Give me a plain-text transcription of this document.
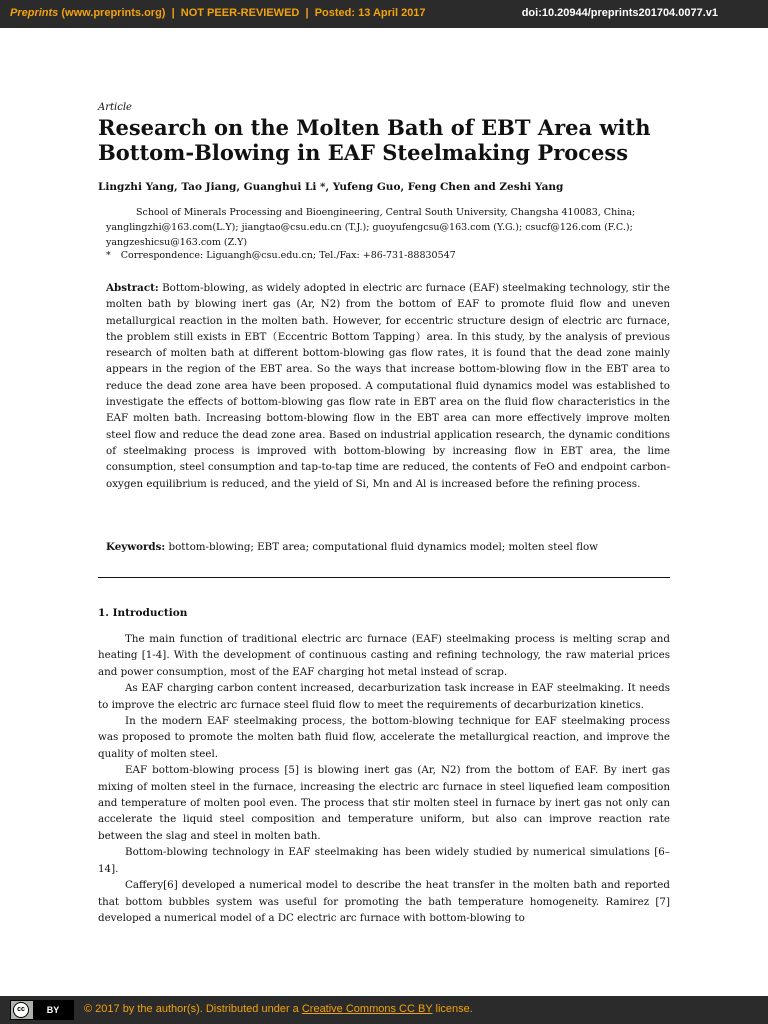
Preprints (www.preprints.org) | NOT PEER-REVIEWED | Posted: 13 April 2017	doi:10.20944/preprints201704.0077.v1
Article
Research on the Molten Bath of EBT Area with Bottom-Blowing in EAF Steelmaking Process
Lingzhi Yang, Tao Jiang, Guanghui Li *, Yufeng Guo, Feng Chen and Zeshi Yang
School of Minerals Processing and Bioengineering, Central South University, Changsha 410083, China; yanglingzhi@163.com(L.Y); jiangtao@csu.edu.cn (T.J.); guoyufengcsu@163.com (Y.G.); csucf@126.com (F.C.); yangzeshicsu@163.com (Z.Y)
* Correspondence: Liguangh@csu.edu.cn; Tel./Fax: +86-731-88830547
Abstract: Bottom-blowing, as widely adopted in electric arc furnace (EAF) steelmaking technology, stir the molten bath by blowing inert gas (Ar, N2) from the bottom of EAF to promote fluid flow and uneven metallurgical reaction in the molten bath. However, for eccentric structure design of electric arc furnace, the problem still exists in EBT（Eccentric Bottom Tapping）area. In this study, by the analysis of previous research of molten bath at different bottom-blowing gas flow rates, it is found that the dead zone mainly appears in the region of the EBT area. So the ways that increase bottom-blowing flow in the EBT area to reduce the dead zone area have been proposed. A computational fluid dynamics model was established to investigate the effects of bottom-blowing gas flow rate in EBT area on the fluid flow characteristics in the EAF molten bath. Increasing bottom-blowing flow in the EBT area can more effectively improve molten steel flow and reduce the dead zone area. Based on industrial application research, the dynamic conditions of steelmaking process is improved with bottom-blowing by increasing flow in EBT area, the lime consumption, steel consumption and tap-to-tap time are reduced, the contents of FeO and endpoint carbon-oxygen equilibrium is reduced, and the yield of Si, Mn and Al is increased before the refining process.
Keywords: bottom-blowing; EBT area; computational fluid dynamics model; molten steel flow
1. Introduction

The main function of traditional electric arc furnace (EAF) steelmaking process is melting scrap and heating [1-4]. With the development of continuous casting and refining technology, the raw material prices and power consumption, most of the EAF charging hot metal instead of scrap.

As EAF charging carbon content increased, decarburization task increase in EAF steelmaking. It needs to improve the electric arc furnace steel fluid flow to meet the requirements of decarburization kinetics.

In the modern EAF steelmaking process, the bottom-blowing technique for EAF steelmaking process was proposed to promote the molten bath fluid flow, accelerate the metallurgical reaction, and improve the quality of molten steel.

EAF bottom-blowing process [5] is blowing inert gas (Ar, N2) from the bottom of EAF. By inert gas mixing of molten steel in the furnace, increasing the electric arc furnace in steel liquefied leam composition and temperature of molten pool even. The process that stir molten steel in furnace by inert gas not only can accelerate the liquid steel composition and temperature uniform, but also can improve reaction rate between the slag and steel in molten bath.

Bottom-blowing technology in EAF steelmaking has been widely studied by numerical simulations [6–14].

Caffery[6] developed a numerical model to describe the heat transfer in the molten bath and reported that bottom bubbles system was useful for promoting the bath temperature homogeneity. Ramirez [7] developed a numerical model of a DC electric arc furnace with bottom-blowing to

cc	BY	© 2017 by the author(s). Distributed under a Creative Commons CC BY license.
